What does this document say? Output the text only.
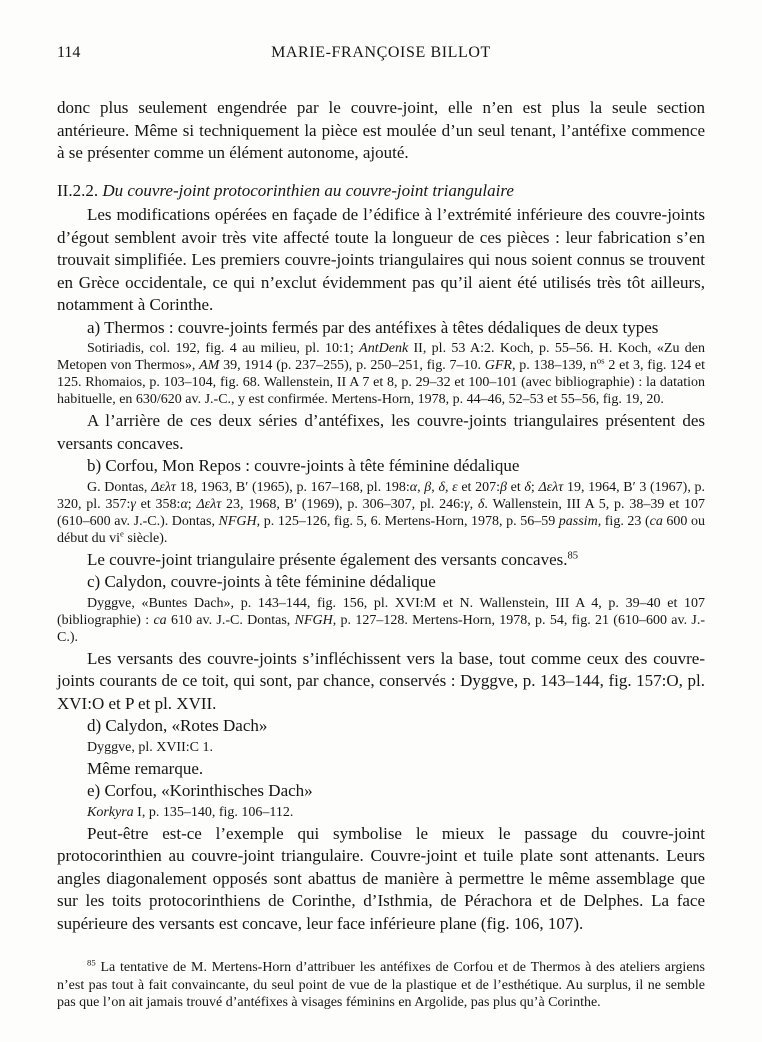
114	MARIE-FRANÇOISE BILLOT

donc plus seulement engendrée par le couvre-joint, elle n’en est plus la seule section antérieure. Même si techniquement la pièce est moulée d’un seul tenant, l’antéfixe commence à se présenter comme un élément autonome, ajouté.

II.2.2. Du couvre-joint protocorinthien au couvre-joint triangulaire

Les modifications opérées en façade de l’édifice à l’extrémité inférieure des couvre-joints d’égout semblent avoir très vite affecté toute la longueur de ces pièces : leur fabrication s’en trouvait simplifiée. Les premiers couvre-joints triangulaires qui nous soient connus se trouvent en Grèce occidentale, ce qui n’exclut évidemment pas qu’il aient été utilisés très tôt ailleurs, notamment à Corinthe.

a) Thermos : couvre-joints fermés par des antéfixes à têtes dédaliques de deux types

Sotiriadis, col. 192, fig. 4 au milieu, pl. 10:1; AntDenk II, pl. 53 A:2. Koch, p. 55–56. H. Koch, «Zu den Metopen von Thermos», AM 39, 1914 (p. 237–255), p. 250–251, fig. 7–10. GFR, p. 138–139, $n^{os}$ 2 et 3, fig. 124 et 125. Rhomaios, p. 103–104, fig. 68. Wallenstein, II A 7 et 8, p. 29–32 et 100–101 (avec bibliographie) : la datation habituelle, en 630/620 av. J.-C., y est confirmée. Mertens-Horn, 1978, p. 44–46, 52–53 et 55–56, fig. 19, 20.

A l’arrière de ces deux séries d’antéfixes, les couvre-joints triangulaires présentent des versants concaves.

b) Corfou, Mon Repos : couvre-joints à tête féminine dédalique

G. Dontas, Δελτ 18, 1963, B′ (1965), p. 167–168, pl. 198:α, β, δ, ε et 207:β et δ; Δελτ 19, 1964, B′ 3 (1967), p. 320, pl. 357:γ et 358:α; Δελτ 23, 1968, B′ (1969), p. 306–307, pl. 246:γ, δ. Wallenstein, III A 5, p. 38–39 et 107 (610–600 av. J.-C.). Dontas, NFGH, p. 125–126, fig. 5, 6. Mertens-Horn, 1978, p. 56–59 passim, fig. 23 (ca 600 ou début du $vi^e$ siècle).

Le couvre-joint triangulaire présente également des versants concaves.$^{85}$

c) Calydon, couvre-joints à tête féminine dédalique

Dyggve, «Buntes Dach», p. 143–144, fig. 156, pl. XVI:M et N. Wallenstein, III A 4, p. 39–40 et 107 (bibliographie) : ca 610 av. J.-C. Dontas, NFGH, p. 127–128. Mertens-Horn, 1978, p. 54, fig. 21 (610–600 av. J.-C.).

Les versants des couvre-joints s’infléchissent vers la base, tout comme ceux des couvre-joints courants de ce toit, qui sont, par chance, conservés : Dyggve, p. 143–144, fig. 157:O, pl. XVI:O et P et pl. XVII.

d) Calydon, «Rotes Dach»

Dyggve, pl. XVII:C 1.

Même remarque.

e) Corfou, «Korinthisches Dach»

Korkyra I, p. 135–140, fig. 106–112.

Peut-être est-ce l’exemple qui symbolise le mieux le passage du couvre-joint protocorinthien au couvre-joint triangulaire. Couvre-joint et tuile plate sont attenants. Leurs angles diagonalement opposés sont abattus de manière à permettre le même assemblage que sur les toits protocorinthiens de Corinthe, d’Isthmia, de Pérachora et de Delphes. La face supérieure des versants est concave, leur face inférieure plane (fig. 106, 107).

$^{85}$ La tentative de M. Mertens-Horn d’attribuer les antéfixes de Corfou et de Thermos à des ateliers argiens n’est pas tout à fait convaincante, du seul point de vue de la plastique et de l’esthétique. Au surplus, il ne semble pas que l’on ait jamais trouvé d’antéfixes à visages féminins en Argolide, pas plus qu’à Corinthe.
